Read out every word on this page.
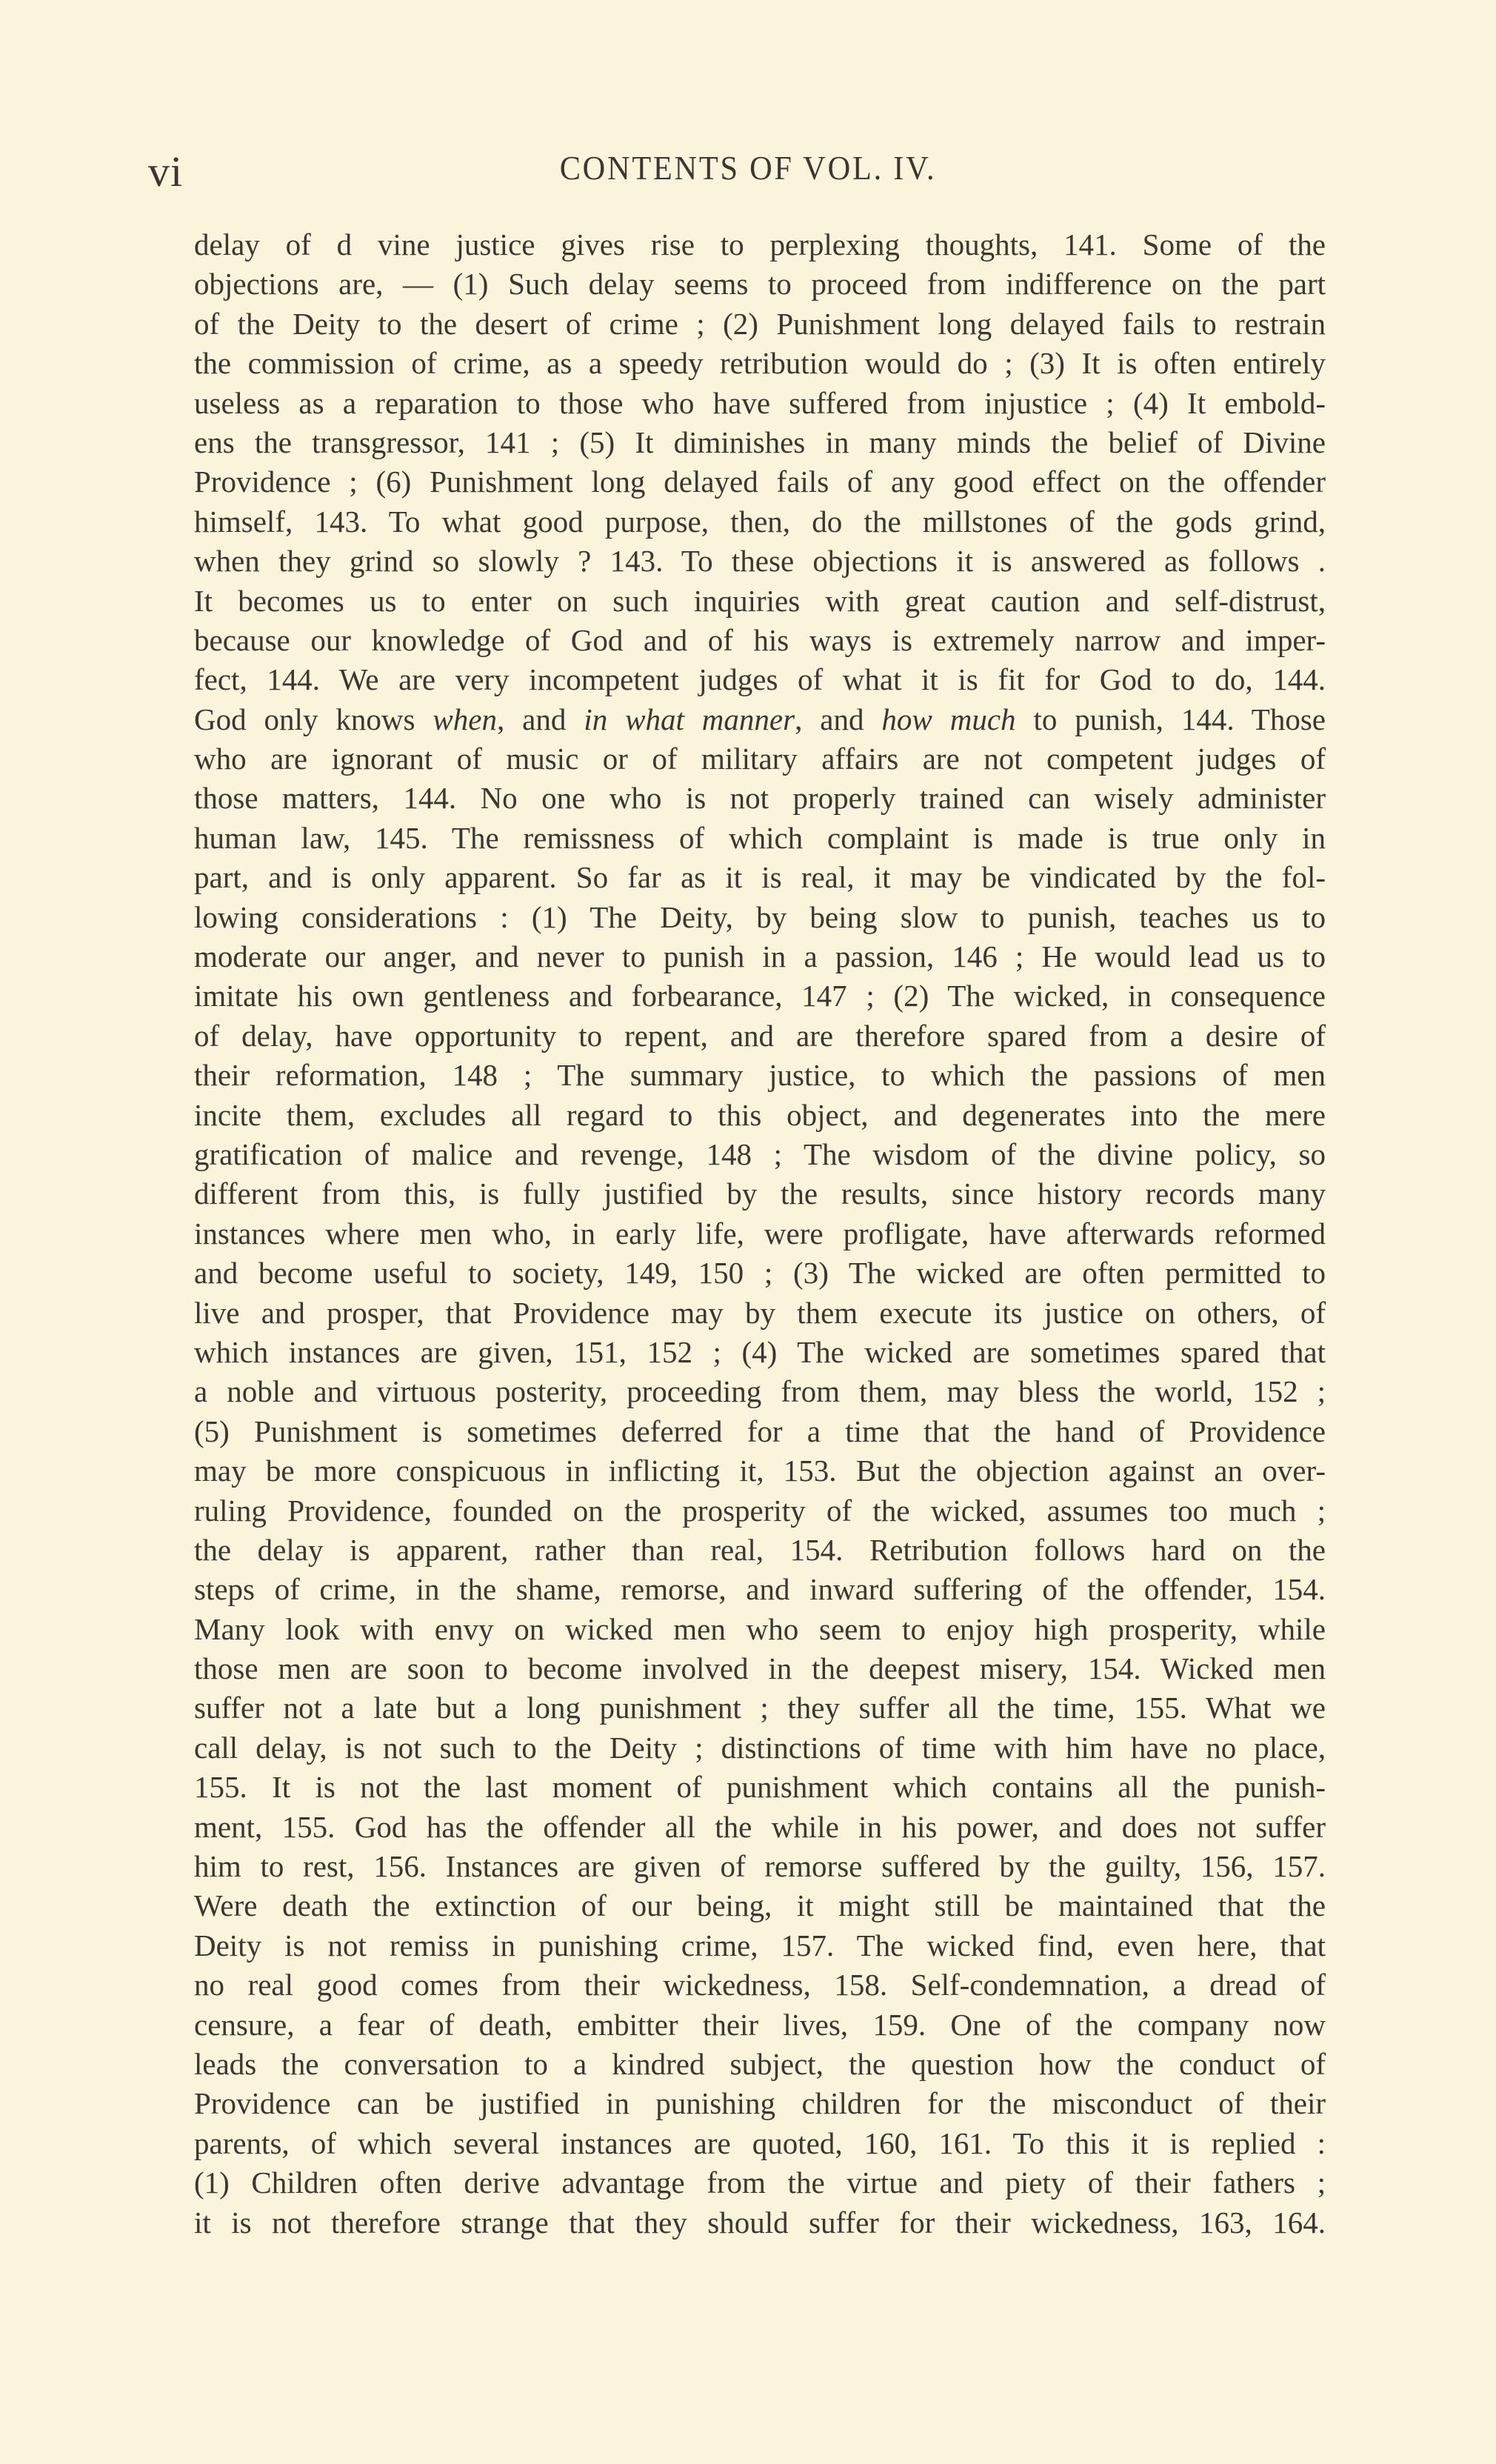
vi	CONTENTS OF VOL. IV.
delay of d vine justice gives rise to perplexing thoughts, 141. Some of the
objections are, — (1) Such delay seems to proceed from indifference on the part
of the Deity to the desert of crime ; (2) Punishment long delayed fails to restrain
the commission of crime, as a speedy retribution would do ; (3) It is often entirely
useless as a reparation to those who have suffered from injustice ; (4) It embold-
ens the transgressor, 141 ; (5) It diminishes in many minds the belief of Divine
Providence ; (6) Punishment long delayed fails of any good effect on the offender
himself, 143. To what good purpose, then, do the millstones of the gods grind,
when they grind so slowly ? 143. To these objections it is answered as follows .
It becomes us to enter on such inquiries with great caution and self-distrust,
because our knowledge of God and of his ways is extremely narrow and imper-
fect, 144. We are very incompetent judges of what it is fit for God to do, 144.
God only knows when, and in what manner, and how much to punish, 144. Those
who are ignorant of music or of military affairs are not competent judges of
those matters, 144. No one who is not properly trained can wisely administer
human law, 145. The remissness of which complaint is made is true only in
part, and is only apparent. So far as it is real, it may be vindicated by the fol-
lowing considerations : (1) The Deity, by being slow to punish, teaches us to
moderate our anger, and never to punish in a passion, 146 ; He would lead us to
imitate his own gentleness and forbearance, 147 ; (2) The wicked, in consequence
of delay, have opportunity to repent, and are therefore spared from a desire of
their reformation, 148 ; The summary justice, to which the passions of men
incite them, excludes all regard to this object, and degenerates into the mere
gratification of malice and revenge, 148 ; The wisdom of the divine policy, so
different from this, is fully justified by the results, since history records many
instances where men who, in early life, were profligate, have afterwards reformed
and become useful to society, 149, 150 ; (3) The wicked are often permitted to
live and prosper, that Providence may by them execute its justice on others, of
which instances are given, 151, 152 ; (4) The wicked are sometimes spared that
a noble and virtuous posterity, proceeding from them, may bless the world, 152 ;
(5) Punishment is sometimes deferred for a time that the hand of Providence
may be more conspicuous in inflicting it, 153. But the objection against an over-
ruling Providence, founded on the prosperity of the wicked, assumes too much ;
the delay is apparent, rather than real, 154. Retribution follows hard on the
steps of crime, in the shame, remorse, and inward suffering of the offender, 154.
Many look with envy on wicked men who seem to enjoy high prosperity, while
those men are soon to become involved in the deepest misery, 154. Wicked men
suffer not a late but a long punishment ; they suffer all the time, 155. What we
call delay, is not such to the Deity ; distinctions of time with him have no place,
155. It is not the last moment of punishment which contains all the punish-
ment, 155. God has the offender all the while in his power, and does not suffer
him to rest, 156. Instances are given of remorse suffered by the guilty, 156, 157.
Were death the extinction of our being, it might still be maintained that the
Deity is not remiss in punishing crime, 157. The wicked find, even here, that
no real good comes from their wickedness, 158. Self-condemnation, a dread of
censure, a fear of death, embitter their lives, 159. One of the company now
leads the conversation to a kindred subject, the question how the conduct of
Providence can be justified in punishing children for the misconduct of their
parents, of which several instances are quoted, 160, 161. To this it is replied :
(1) Children often derive advantage from the virtue and piety of their fathers ;
it is not therefore strange that they should suffer for their wickedness, 163, 164.
